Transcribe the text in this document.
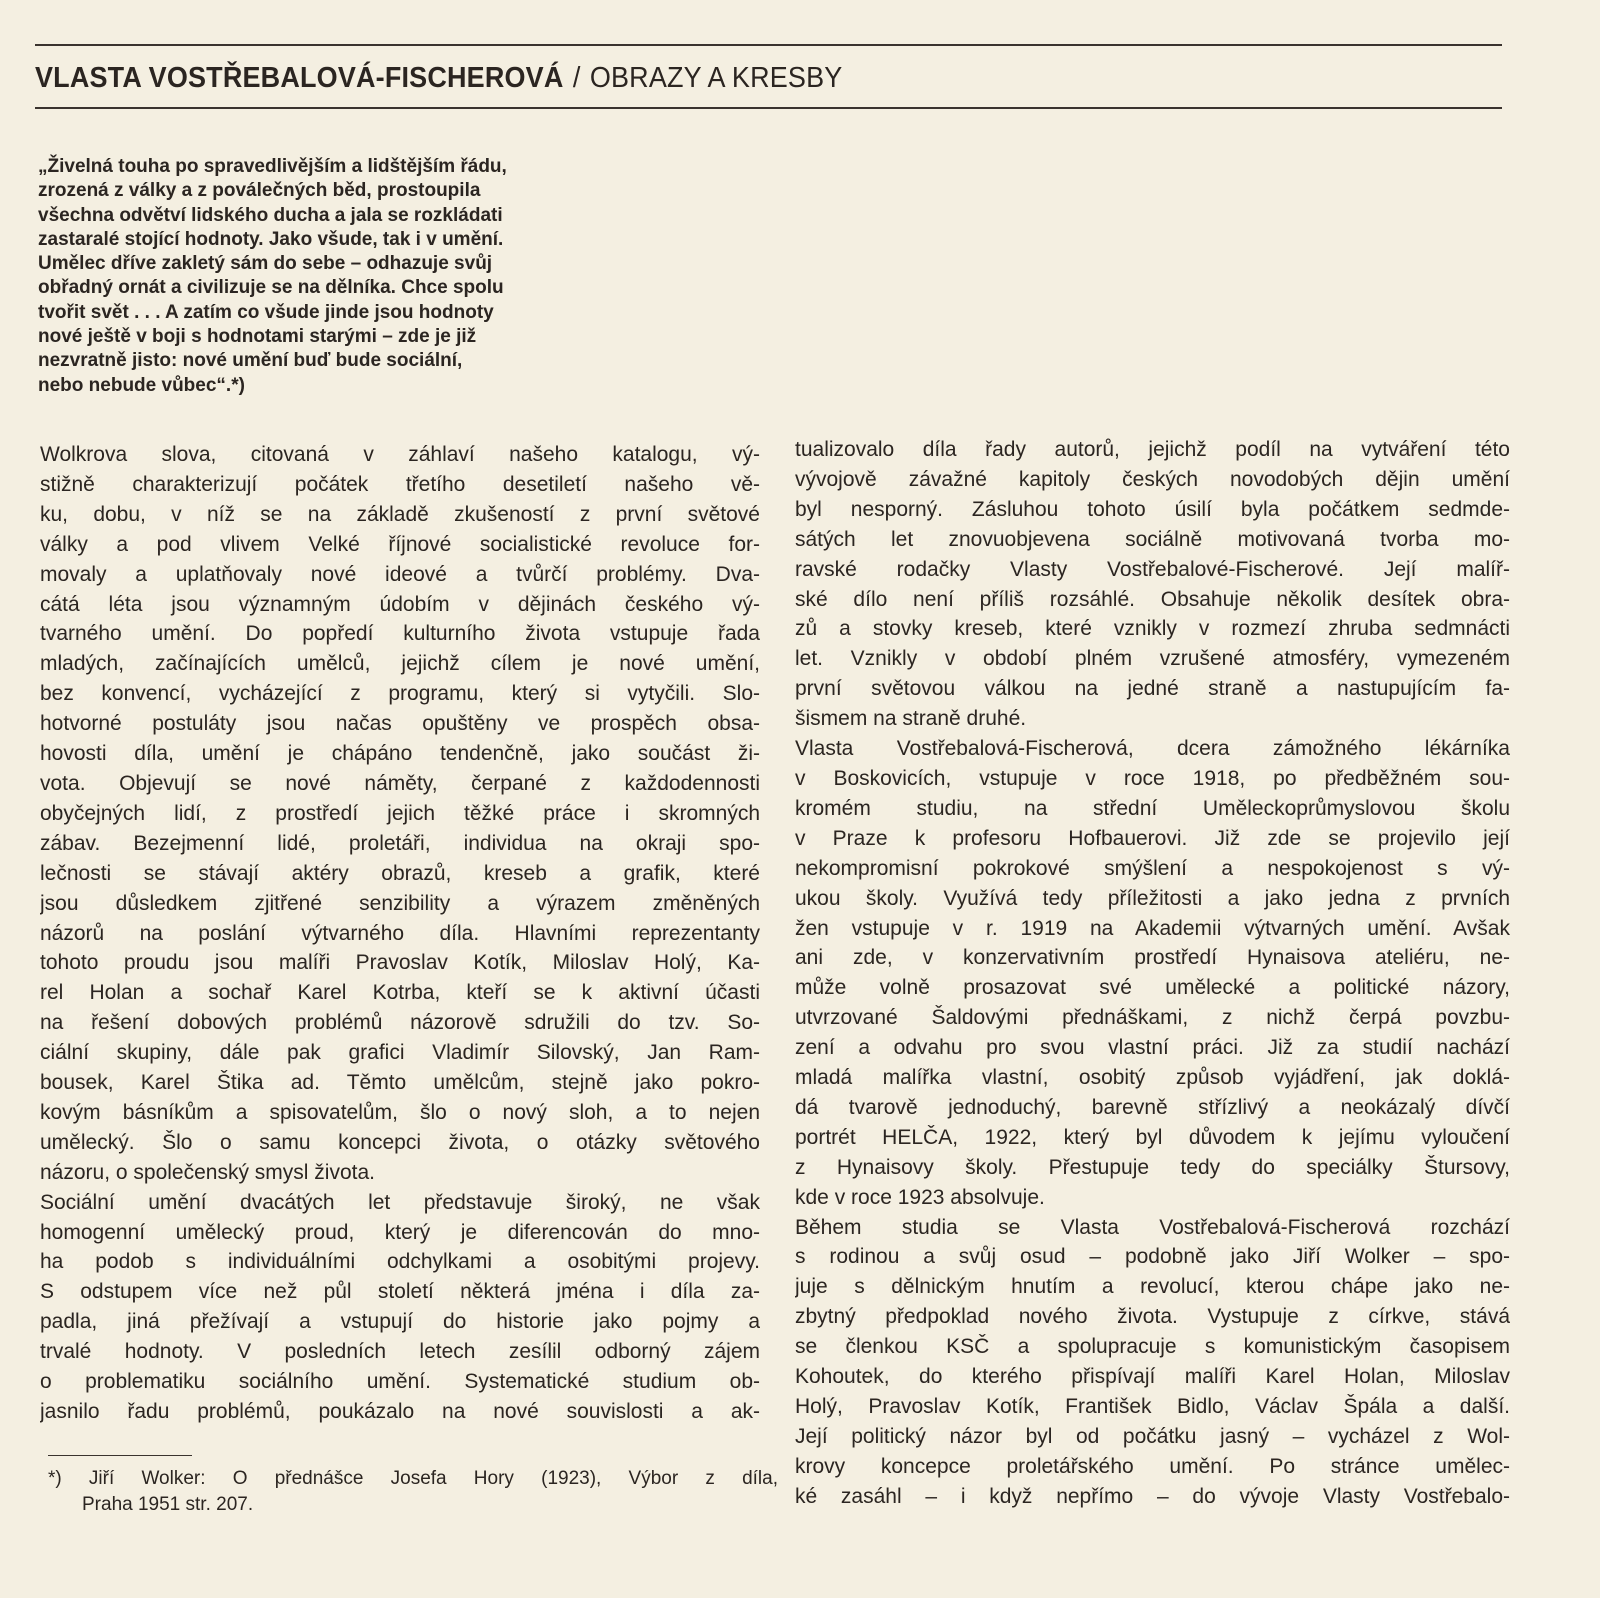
VLASTA VOSTŘEBALOVÁ-FISCHEROVÁ / OBRAZY A KRESBY
„Živelná touha po spravedlivějším a lidštějším řádu,
zrozená z války a z poválečných běd, prostoupila
všechna odvětví lidského ducha a jala se rozkládati
zastaralé stojící hodnoty. Jako všude, tak i v umění.
Umělec dříve zakletý sám do sebe – odhazuje svůj
obřadný ornát a civilizuje se na dělníka. Chce spolu
tvořit svět . . . A zatím co všude jinde jsou hodnoty
nové ještě v boji s hodnotami starými – zde je již
nezvratně jisto: nové umění buď bude sociální,
nebo nebude vůbec“.*)
Wolkrova slova, citovaná v záhlaví našeho katalogu, vý-
stižně charakterizují počátek třetího desetiletí našeho vě-
ku, dobu, v níž se na základě zkušeností z první světové
války a pod vlivem Velké říjnové socialistické revoluce for-
movaly a uplatňovaly nové ideové a tvůrčí problémy. Dva-
cátá léta jsou významným údobím v dějinách českého vý-
tvarného umění. Do popředí kulturního života vstupuje řada
mladých, začínajících umělců, jejichž cílem je nové umění,
bez konvencí, vycházející z programu, který si vytyčili. Slo-
hotvorné postuláty jsou načas opuštěny ve prospěch obsa-
hovosti díla, umění je chápáno tendenčně, jako součást ži-
vota. Objevují se nové náměty, čerpané z každodennosti
obyčejných lidí, z prostředí jejich těžké práce i skromných
zábav. Bezejmenní lidé, proletáři, individua na okraji spo-
lečnosti se stávají aktéry obrazů, kreseb a grafik, které
jsou důsledkem zjitřené senzibility a výrazem změněných
názorů na poslání výtvarného díla. Hlavními reprezentanty
tohoto proudu jsou malíři Pravoslav Kotík, Miloslav Holý, Ka-
rel Holan a sochař Karel Kotrba, kteří se k aktivní účasti
na řešení dobových problémů názorově sdružili do tzv. So-
ciální skupiny, dále pak grafici Vladimír Silovský, Jan Ram-
bousek, Karel Štika ad. Těmto umělcům, stejně jako pokro-
kovým básníkům a spisovatelům, šlo o nový sloh, a to nejen
umělecký. Šlo o samu koncepci života, o otázky světového
názoru, o společenský smysl života.
Sociální umění dvacátých let představuje široký, ne však
homogenní umělecký proud, který je diferencován do mno-
ha podob s individuálními odchylkami a osobitými projevy.
S odstupem více než půl století některá jména i díla za-
padla, jiná přežívají a vstupují do historie jako pojmy a
trvalé hodnoty. V posledních letech zesílil odborný zájem
o problematiku sociálního umění. Systematické studium ob-
jasnilo řadu problémů, poukázalo na nové souvislosti a ak-
tualizovalo díla řady autorů, jejichž podíl na vytváření této
vývojově závažné kapitoly českých novodobých dějin umění
byl nesporný. Zásluhou tohoto úsilí byla počátkem sedmde-
sátých let znovuobjevena sociálně motivovaná tvorba mo-
ravské rodačky Vlasty Vostřebalové-Fischerové. Její malíř-
ské dílo není příliš rozsáhlé. Obsahuje několik desítek obra-
zů a stovky kreseb, které vznikly v rozmezí zhruba sedmnácti
let. Vznikly v období plném vzrušené atmosféry, vymezeném
první světovou válkou na jedné straně a nastupujícím fa-
šismem na straně druhé.
Vlasta Vostřebalová-Fischerová, dcera zámožného lékárníka
v Boskovicích, vstupuje v roce 1918, po předběžném sou-
kromém studiu, na střední Uměleckoprůmyslovou školu
v Praze k profesoru Hofbauerovi. Již zde se projevilo její
nekompromisní pokrokové smýšlení a nespokojenost s vý-
ukou školy. Využívá tedy příležitosti a jako jedna z prvních
žen vstupuje v r. 1919 na Akademii výtvarných umění. Avšak
ani zde, v konzervativním prostředí Hynaisova ateliéru, ne-
může volně prosazovat své umělecké a politické názory,
utvrzované Šaldovými přednáškami, z nichž čerpá povzbu-
zení a odvahu pro svou vlastní práci. Již za studií nachází
mladá malířka vlastní, osobitý způsob vyjádření, jak doklá-
dá tvarově jednoduchý, barevně střízlivý a neokázalý dívčí
portrét HELČA, 1922, který byl důvodem k jejímu vyloučení
z Hynaisovy školy. Přestupuje tedy do speciálky Štursovy,
kde v roce 1923 absolvuje.
Během studia se Vlasta Vostřebalová-Fischerová rozchází
s rodinou a svůj osud – podobně jako Jiří Wolker – spo-
juje s dělnickým hnutím a revolucí, kterou chápe jako ne-
zbytný předpoklad nového života. Vystupuje z církve, stává
se členkou KSČ a spolupracuje s komunistickým časopisem
Kohoutek, do kterého přispívají malíři Karel Holan, Miloslav
Holý, Pravoslav Kotík, František Bidlo, Václav Špála a další.
Její politický názor byl od počátku jasný – vycházel z Wol-
krovy koncepce proletářského umění. Po stránce umělec-
ké zasáhl – i když nepřímo – do vývoje Vlasty Vostřebalo-
*) Jiří Wolker: O přednášce Josefa Hory (1923), Výbor z díla,
Praha 1951 str. 207.
